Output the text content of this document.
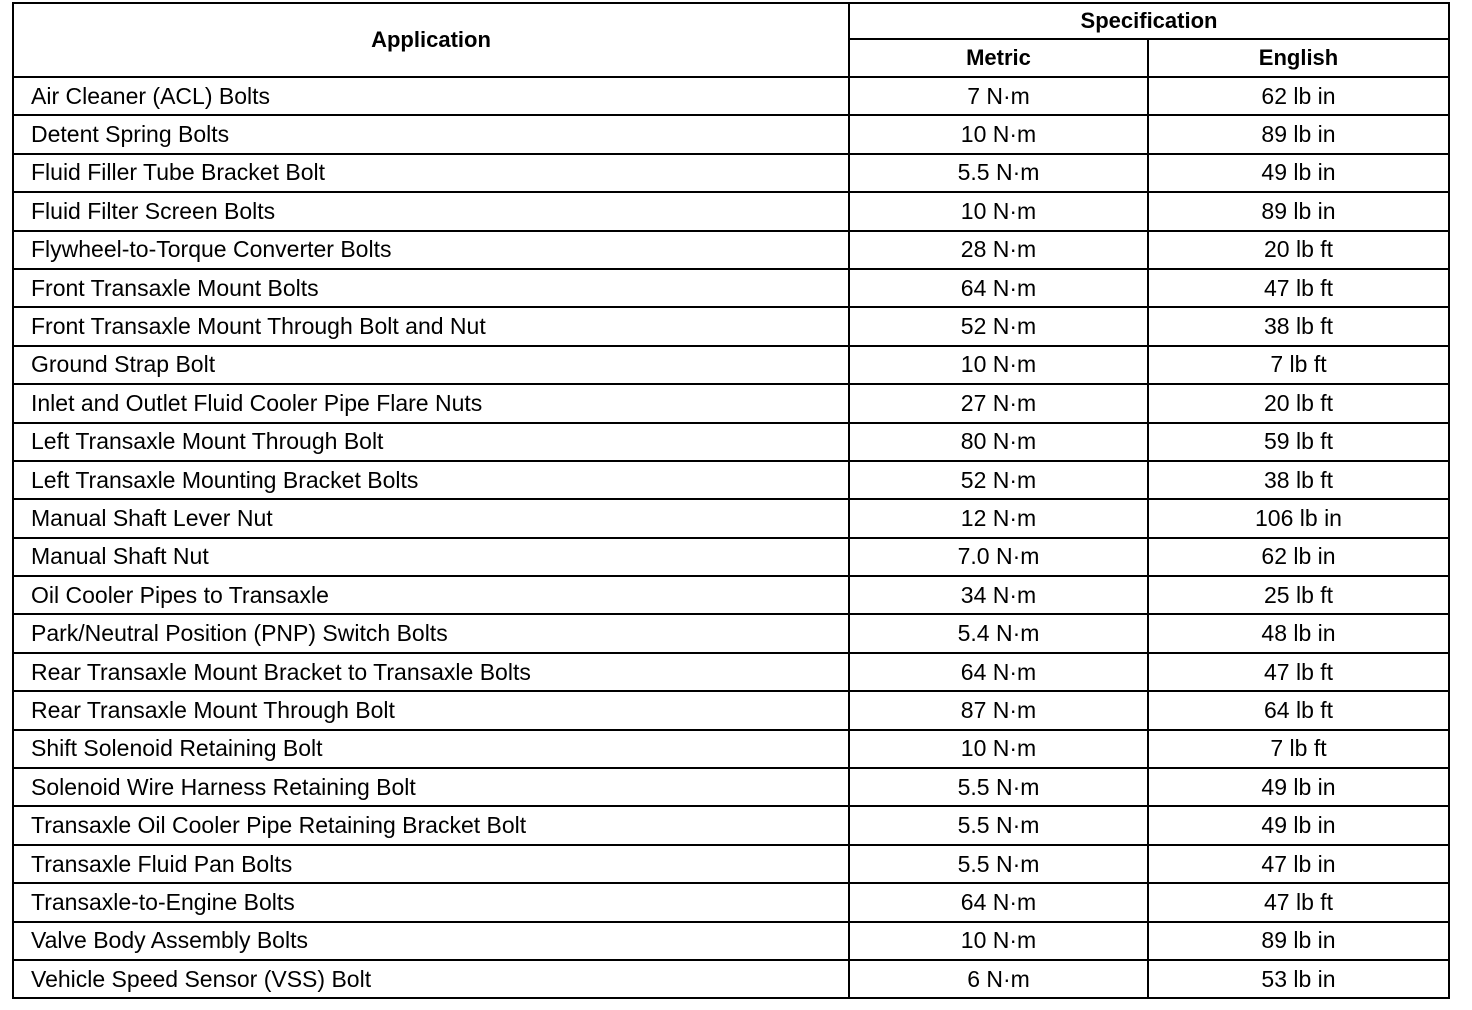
Application	Specification	
	Metric	English
Air Cleaner (ACL) Bolts	7 N·m	62 lb in
Detent Spring Bolts	10 N·m	89 lb in
Fluid Filler Tube Bracket Bolt	5.5 N·m	49 lb in
Fluid Filter Screen Bolts	10 N·m	89 lb in
Flywheel-to-Torque Converter Bolts	28 N·m	20 lb ft
Front Transaxle Mount Bolts	64 N·m	47 lb ft
Front Transaxle Mount Through Bolt and Nut	52 N·m	38 lb ft
Ground Strap Bolt	10 N·m	7 lb ft
Inlet and Outlet Fluid Cooler Pipe Flare Nuts	27 N·m	20 lb ft
Left Transaxle Mount Through Bolt	80 N·m	59 lb ft
Left Transaxle Mounting Bracket Bolts	52 N·m	38 lb ft
Manual Shaft Lever Nut	12 N·m	106 lb in
Manual Shaft Nut	7.0 N·m	62 lb in
Oil Cooler Pipes to Transaxle	34 N·m	25 lb ft
Park/Neutral Position (PNP) Switch Bolts	5.4 N·m	48 lb in
Rear Transaxle Mount Bracket to Transaxle Bolts	64 N·m	47 lb ft
Rear Transaxle Mount Through Bolt	87 N·m	64 lb ft
Shift Solenoid Retaining Bolt	10 N·m	7 lb ft
Solenoid Wire Harness Retaining Bolt	5.5 N·m	49 lb in
Transaxle Oil Cooler Pipe Retaining Bracket Bolt	5.5 N·m	49 lb in
Transaxle Fluid Pan Bolts	5.5 N·m	47 lb in
Transaxle-to-Engine Bolts	64 N·m	47 lb ft
Valve Body Assembly Bolts	10 N·m	89 lb in
Vehicle Speed Sensor (VSS) Bolt	6 N·m	53 lb in
